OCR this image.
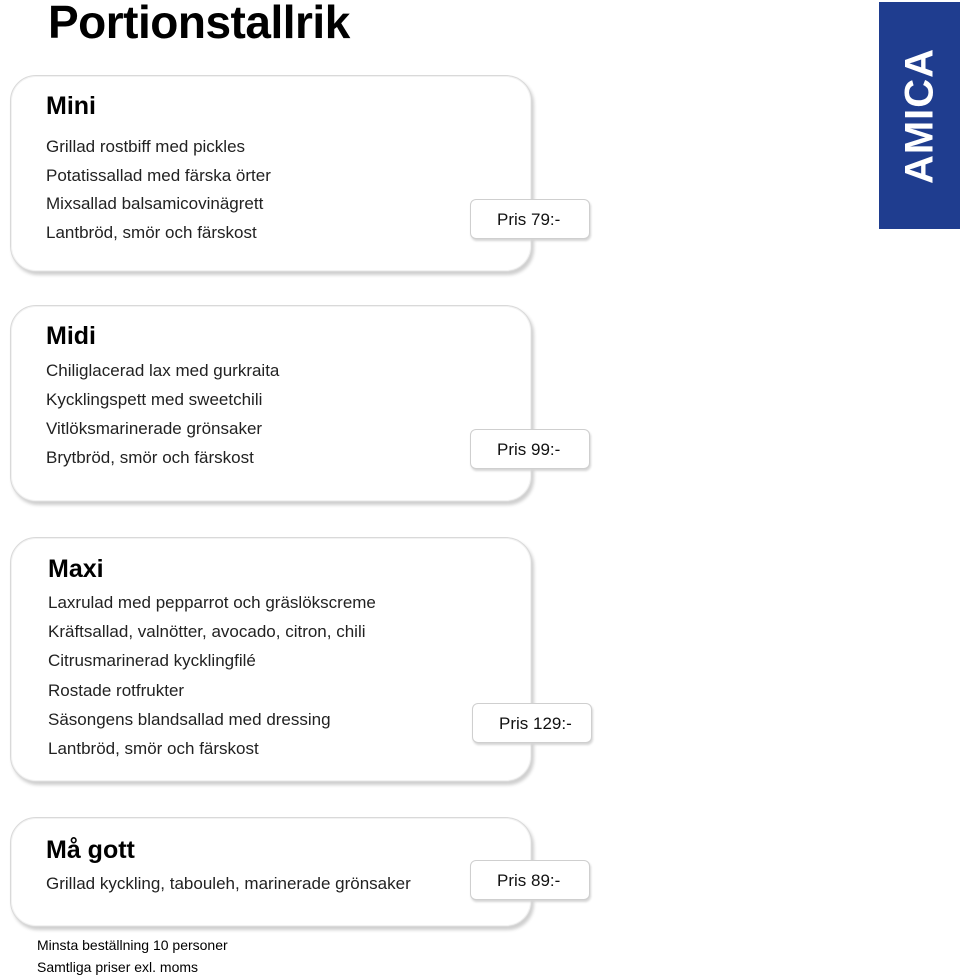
Portionstallrik
AMICA
Mini
Grillad rostbiff med pickles
Potatissallad med färska örter
Mixsallad balsamicovinägrett
Lantbröd, smör och färskost
Pris 79:-
Midi
Chiliglacerad lax med gurkraita
Kycklingspett med sweetchili
Vitlöksmarinerade grönsaker
Brytbröd, smör och färskost	Pris 99:-
Maxi
Laxrulad med pepparrot och gräslökscreme
Kräftsallad, valnötter, avocado, citron, chili
Citrusmarinerad kycklingfilé
Rostade rotfrukter
Säsongens blandsallad med dressing
Lantbröd, smör och färskost
Pris 129:-
Må gott
Grillad kyckling, tabouleh, marinerade grönsaker	Pris 89:-
Minsta beställning 10 personer
Samtliga priser exl. moms
